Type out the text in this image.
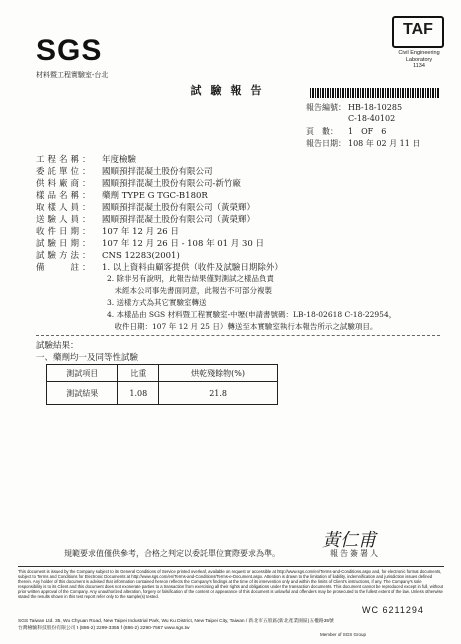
SGS
材料暨工程實驗室-台北
TAF
Civil Engineering
Laboratory
1134
試驗報告
報告編號： HB-18-10285
C-18-40102
頁　數： 1　OF　6
報告日期： 108 年 02 月 11 日
工程名稱： 年度檢驗
委託單位： 國順預拌混凝土股份有限公司
供料廠商： 國順預拌混凝土股份有限公司-新竹廠
樣品名稱： 藥劑 TYPE G TGC-B180R
取樣人員： 國順預拌混凝土股份有限公司（黃榮輝）
送驗人員： 國順預拌混凝土股份有限公司（黃榮輝）
收件日期： 107 年 12 月 26 日
試驗日期： 107 年 12 月 26 日 - 108 年 01 月 30 日
試驗方法： CNS 12283(2001)
備　　註： 1. 以上資料由顧客提供（收件及試驗日期除外）
2. 除非另有說明，此報告結果僅對測試之樣品負責
　未經本公司事先書面同意，此報告不可部分複製
3. 送樣方式為其它實驗室轉送
4. 本樣品由 SGS 材料暨工程實驗室-中壢(申請書號碼：LB-18-02618 C-18-22954，
　收件日期：107 年 12 月 25 日）轉送至本實驗室執行本報告所示之試驗項目。
試驗結果：
一、藥劑均一及同等性試驗
測試項目	比重	烘乾殘餘物(%)
測試結果	1.08	21.8
黃仁甫
規範要求值僅供參考，合格之判定以委託單位實際要求為準。	報告簽署人
This document is issued by the Company subject to its General Conditions of Service printed overleaf, available on request or accessible at http://www.sgs.com/en/Terms-and-Conditions.aspx and, for electronic format documents, subject to Terms and Conditions for Electronic Documents at http://www.sgs.com/en/Terms-and-Conditions/Terms-e-Document.aspx. Attention is drawn to the limitation of liability, indemnification and jurisdiction issues defined therein. Any holder of this document is advised that information contained hereon reflects the Company's findings at the time of its intervention only and within the limits of Client's instructions, if any. The Company's sole responsibility is to its Client and this document does not exonerate parties to a transaction from exercising all their rights and obligations under the transaction documents. This document cannot be reproduced except in full, without prior written approval of the Company. Any unauthorized alteration, forgery or falsification of the content or appearance of this document is unlawful and offenders may be prosecuted to the fullest extent of the law. Unless otherwise stated the results shown in this test report refer only to the sample(s) tested.
WC 6211294
SGS Taiwan Ltd. 35, Wu Chyuan Road, New Taipei Industrial Park, Wu Ku District, New Taipei City, Taiwan / 新北市五股區(新北產業園區)五權路35號
台灣檢驗科技股份有限公司 t (886-2) 2299-3355 f (886-2) 2290-7567 www.sgs.tw
Member of SGS Group
